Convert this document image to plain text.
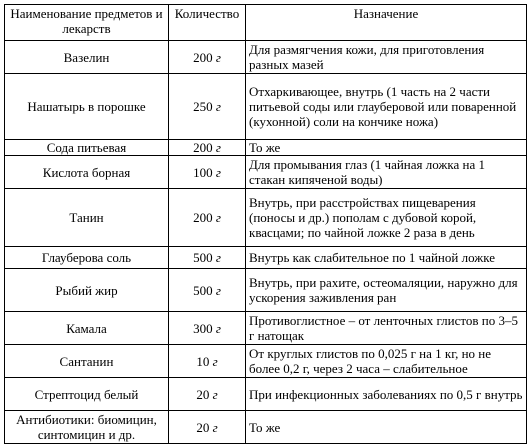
Наименование предметов и лекарств	Количество	Назначение
Вазелин	200 г	Для размягчения кожи, для приготовления разных мазей
Нашатырь в порошке	250 г	Отхаркивающее, внутрь (1 часть на 2 части питьевой соды или глауберовой или поваренной (кухонной) соли на кончике ножа)
Сода питьевая	200 г	То же
Кислота борная	100 г	Для промывания глаз (1 чайная ложка на 1 стакан кипяченой воды)
Танин	200 г	Внутрь, при расстройствах пищеварения (поносы и др.) пополам с дубовой корой, квасцами; по чайной ложке 2 раза в день
Глауберова соль	500 г	Внутрь как слабительное по 1 чайной ложке
Рыбий жир	500 г	Внутрь, при рахите, остеомаляции, наружно для ускорения заживления ран
Камала	300 г	Противоглистное – от ленточных глистов по 3–5 г натощак
Сантанин	10 г	От круглых глистов по 0,025 г на 1 кг, но не более 0,2 г, через 2 часа – слабительное
Стрептоцид белый	20 г	При инфекционных заболеваниях по 0,5 г внутрь
Антибиотики: биомицин, синтомицин и др.	20 г	То же
